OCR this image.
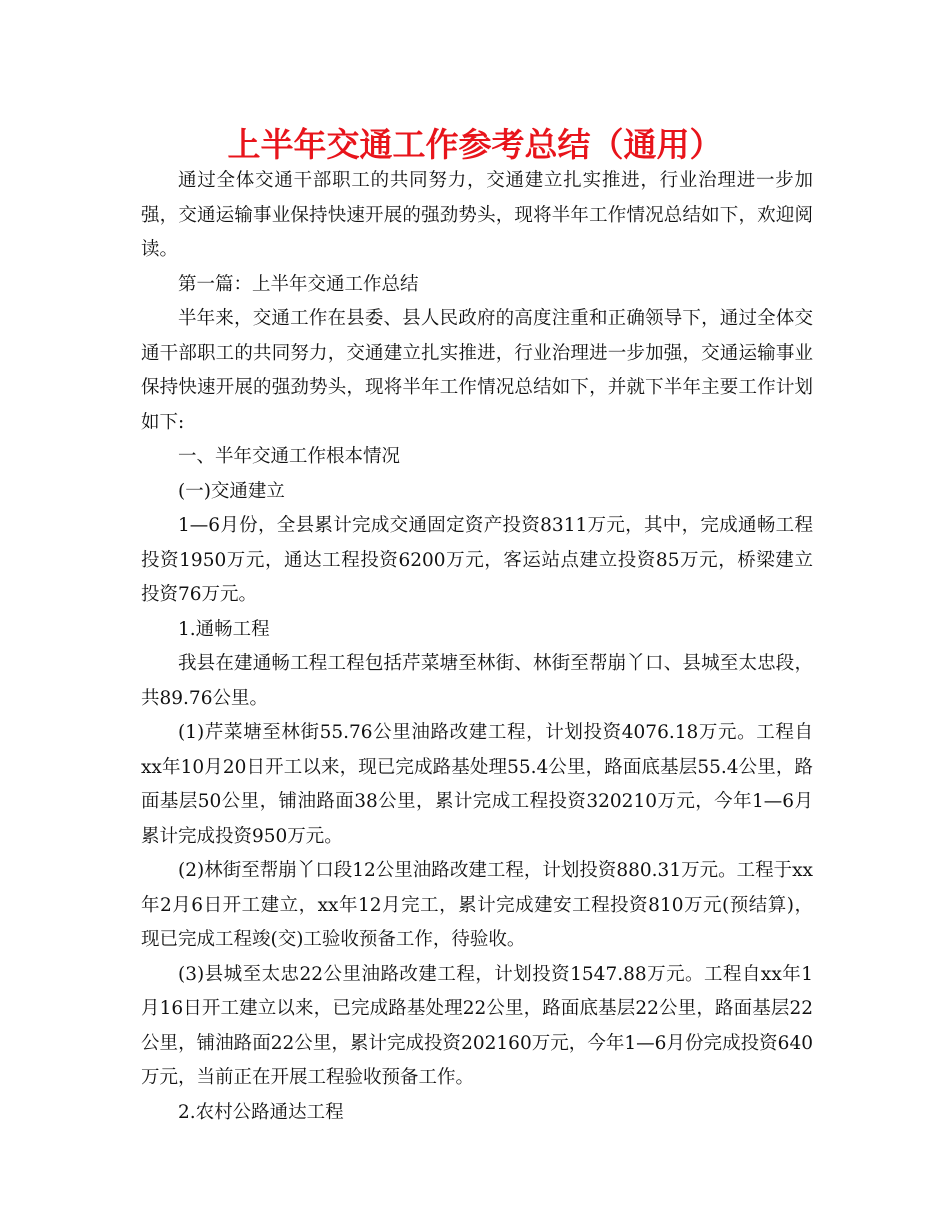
上半年交通工作参考总结（通用）

通过全体交通干部职工的共同努力，交通建立扎实推进，行业治理进一步加强，交通运输事业保持快速开展的强劲势头，现将半年工作情况总结如下，欢迎阅读。

第一篇：上半年交通工作总结

半年来，交通工作在县委、县人民政府的高度注重和正确领导下，通过全体交通干部职工的共同努力，交通建立扎实推进，行业治理进一步加强，交通运输事业保持快速开展的强劲势头，现将半年工作情况总结如下，并就下半年主要工作计划如下:

一、半年交通工作根本情况

(一)交通建立

1—6月份，全县累计完成交通固定资产投资8311万元，其中，完成通畅工程投资1950万元，通达工程投资6200万元，客运站点建立投资85万元，桥梁建立投资76万元。

1.通畅工程

我县在建通畅工程工程包括芹菜塘至林街、林街至帮崩丫口、县城至太忠段，共89.76公里。

(1)芹菜塘至林街55.76公里油路改建工程，计划投资4076.18万元。工程自xx年10月20日开工以来，现已完成路基处理55.4公里，路面底基层55.4公里，路面基层50公里，铺油路面38公里，累计完成工程投资320210万元，今年1—6月累计完成投资950万元。

(2)林街至帮崩丫口段12公里油路改建工程，计划投资880.31万元。工程于xx年2月6日开工建立，xx年12月完工，累计完成建安工程投资810万元(预结算)，现已完成工程竣(交)工验收预备工作，待验收。

(3)县城至太忠22公里油路改建工程，计划投资1547.88万元。工程自xx年1月16日开工建立以来，已完成路基处理22公里，路面底基层22公里，路面基层22公里，铺油路面22公里，累计完成投资202160万元，今年1—6月份完成投资640万元，当前正在开展工程验收预备工作。

2.农村公路通达工程
